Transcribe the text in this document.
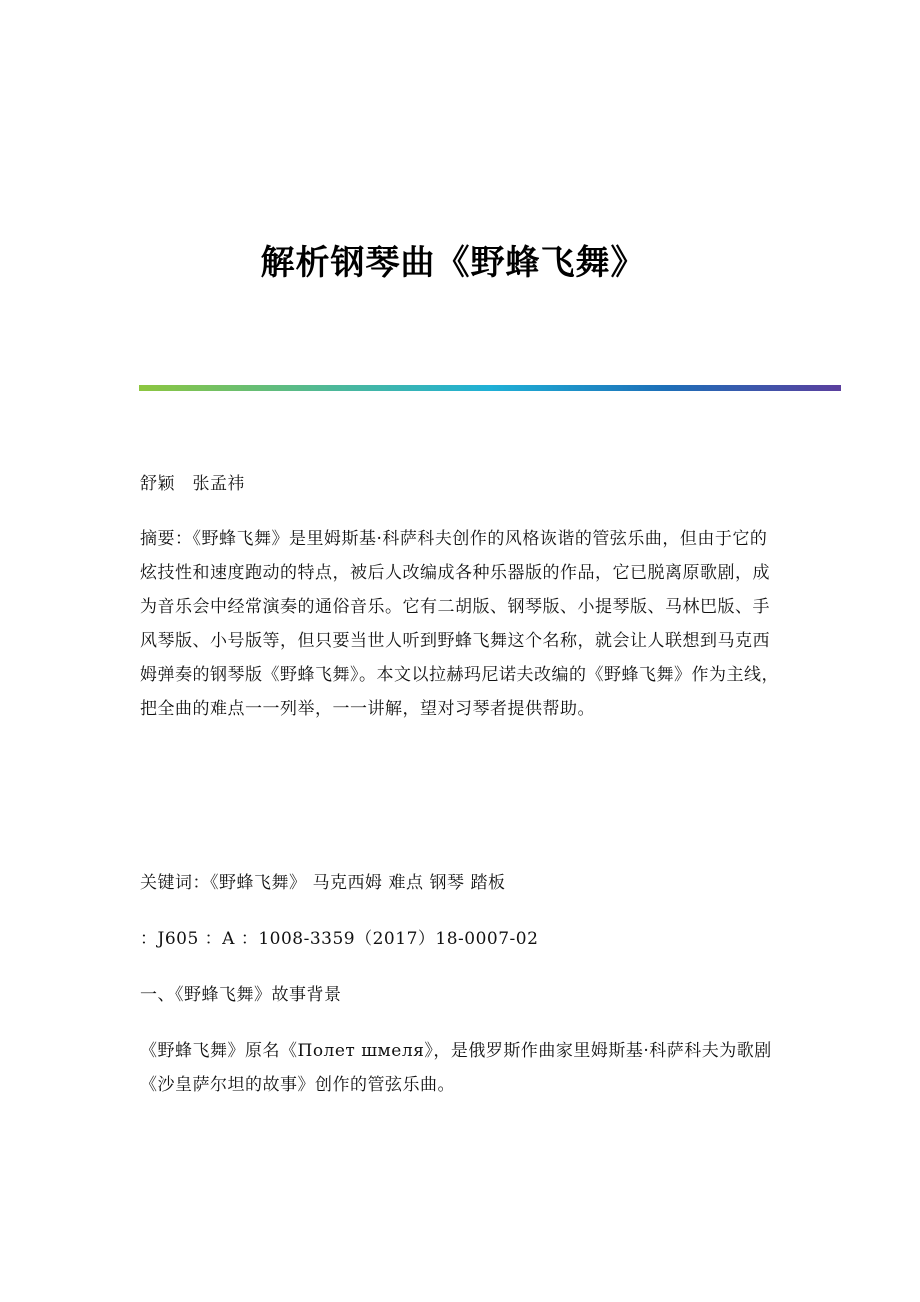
解析钢琴曲《野蜂飞舞》

舒颖　张孟祎

摘要：《野蜂飞舞》是里姆斯基·科萨科夫创作的风格诙谐的管弦乐曲，但由于它的炫技性和速度跑动的特点，被后人改编成各种乐器版的作品，它已脱离原歌剧，成为音乐会中经常演奏的通俗音乐。它有二胡版、钢琴版、小提琴版、马林巴版、手风琴版、小号版等，但只要当世人听到野蜂飞舞这个名称，就会让人联想到马克西姆弹奏的钢琴版《野蜂飞舞》。本文以拉赫玛尼诺夫改编的《野蜂飞舞》作为主线，把全曲的难点一一列举，一一讲解，望对习琴者提供帮助。

关键词：《野蜂飞舞》 马克西姆 难点 钢琴 踏板

：J605 ：A ：1008-3359（2017）18-0007-02

一、《野蜂飞舞》故事背景

《野蜂飞舞》原名《Полет шмеля》，是俄罗斯作曲家里姆斯基·科萨科夫为歌剧《沙皇萨尔坦的故事》创作的管弦乐曲。
